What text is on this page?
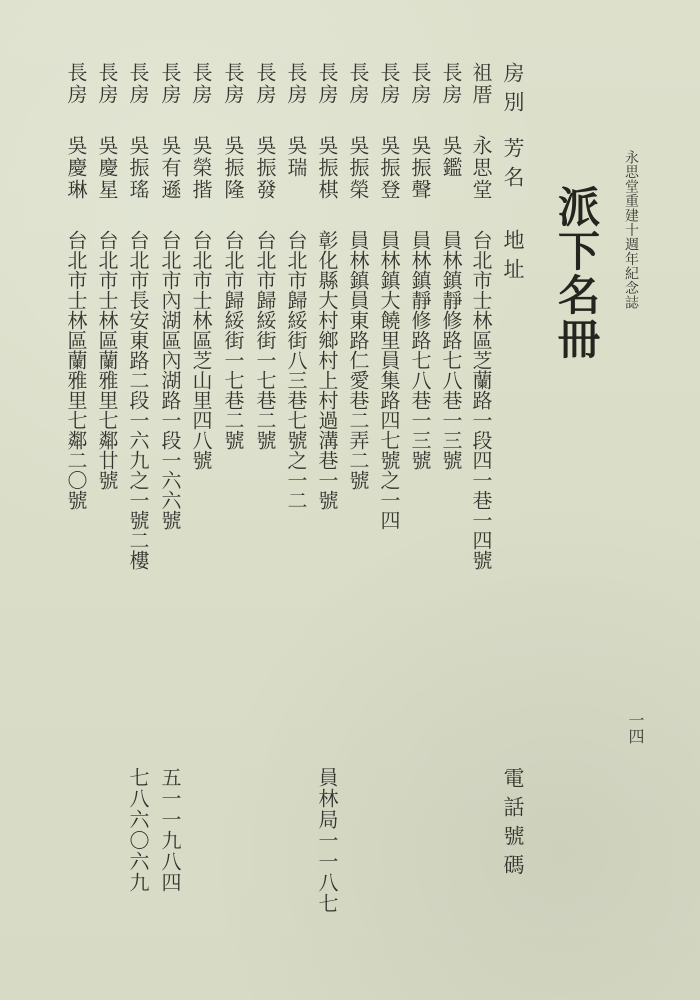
永思堂重建十週年紀念誌
一四
派下名冊
房別
芳名
地址
電話號碼
祖厝
永思堂
台北市士林區芝蘭路一段四一巷一四號
長房
吳鑑
員林鎮靜修路七八巷一三號
長房
吳振聲
員林鎮靜修路七八巷一三號
長房
吳振登
員林鎮大饒里員集路四七號之一四
長房
吳振榮
員林鎮員東路仁愛巷二弄二號
長房
吳振棋
彰化縣大村鄉村上村過溝巷一號
員林局一一八七
長房
吳瑞
台北市歸綏街八三巷七號之一二
長房
吳振發
台北市歸綏街一七巷二號
長房
吳振隆
台北市歸綏街一七巷二號
長房
吳榮揩
台北市士林區芝山里四八號
長房
吳有遜
台北市內湖區內湖路一段一六六號
五一一九八四
長房
吳振瑤
台北市長安東路二段一六九之一號二樓
七八六〇六九
長房
吳慶星
台北市士林區蘭雅里七鄰廿號
長房
吳慶琳
台北市士林區蘭雅里七鄰二〇號
